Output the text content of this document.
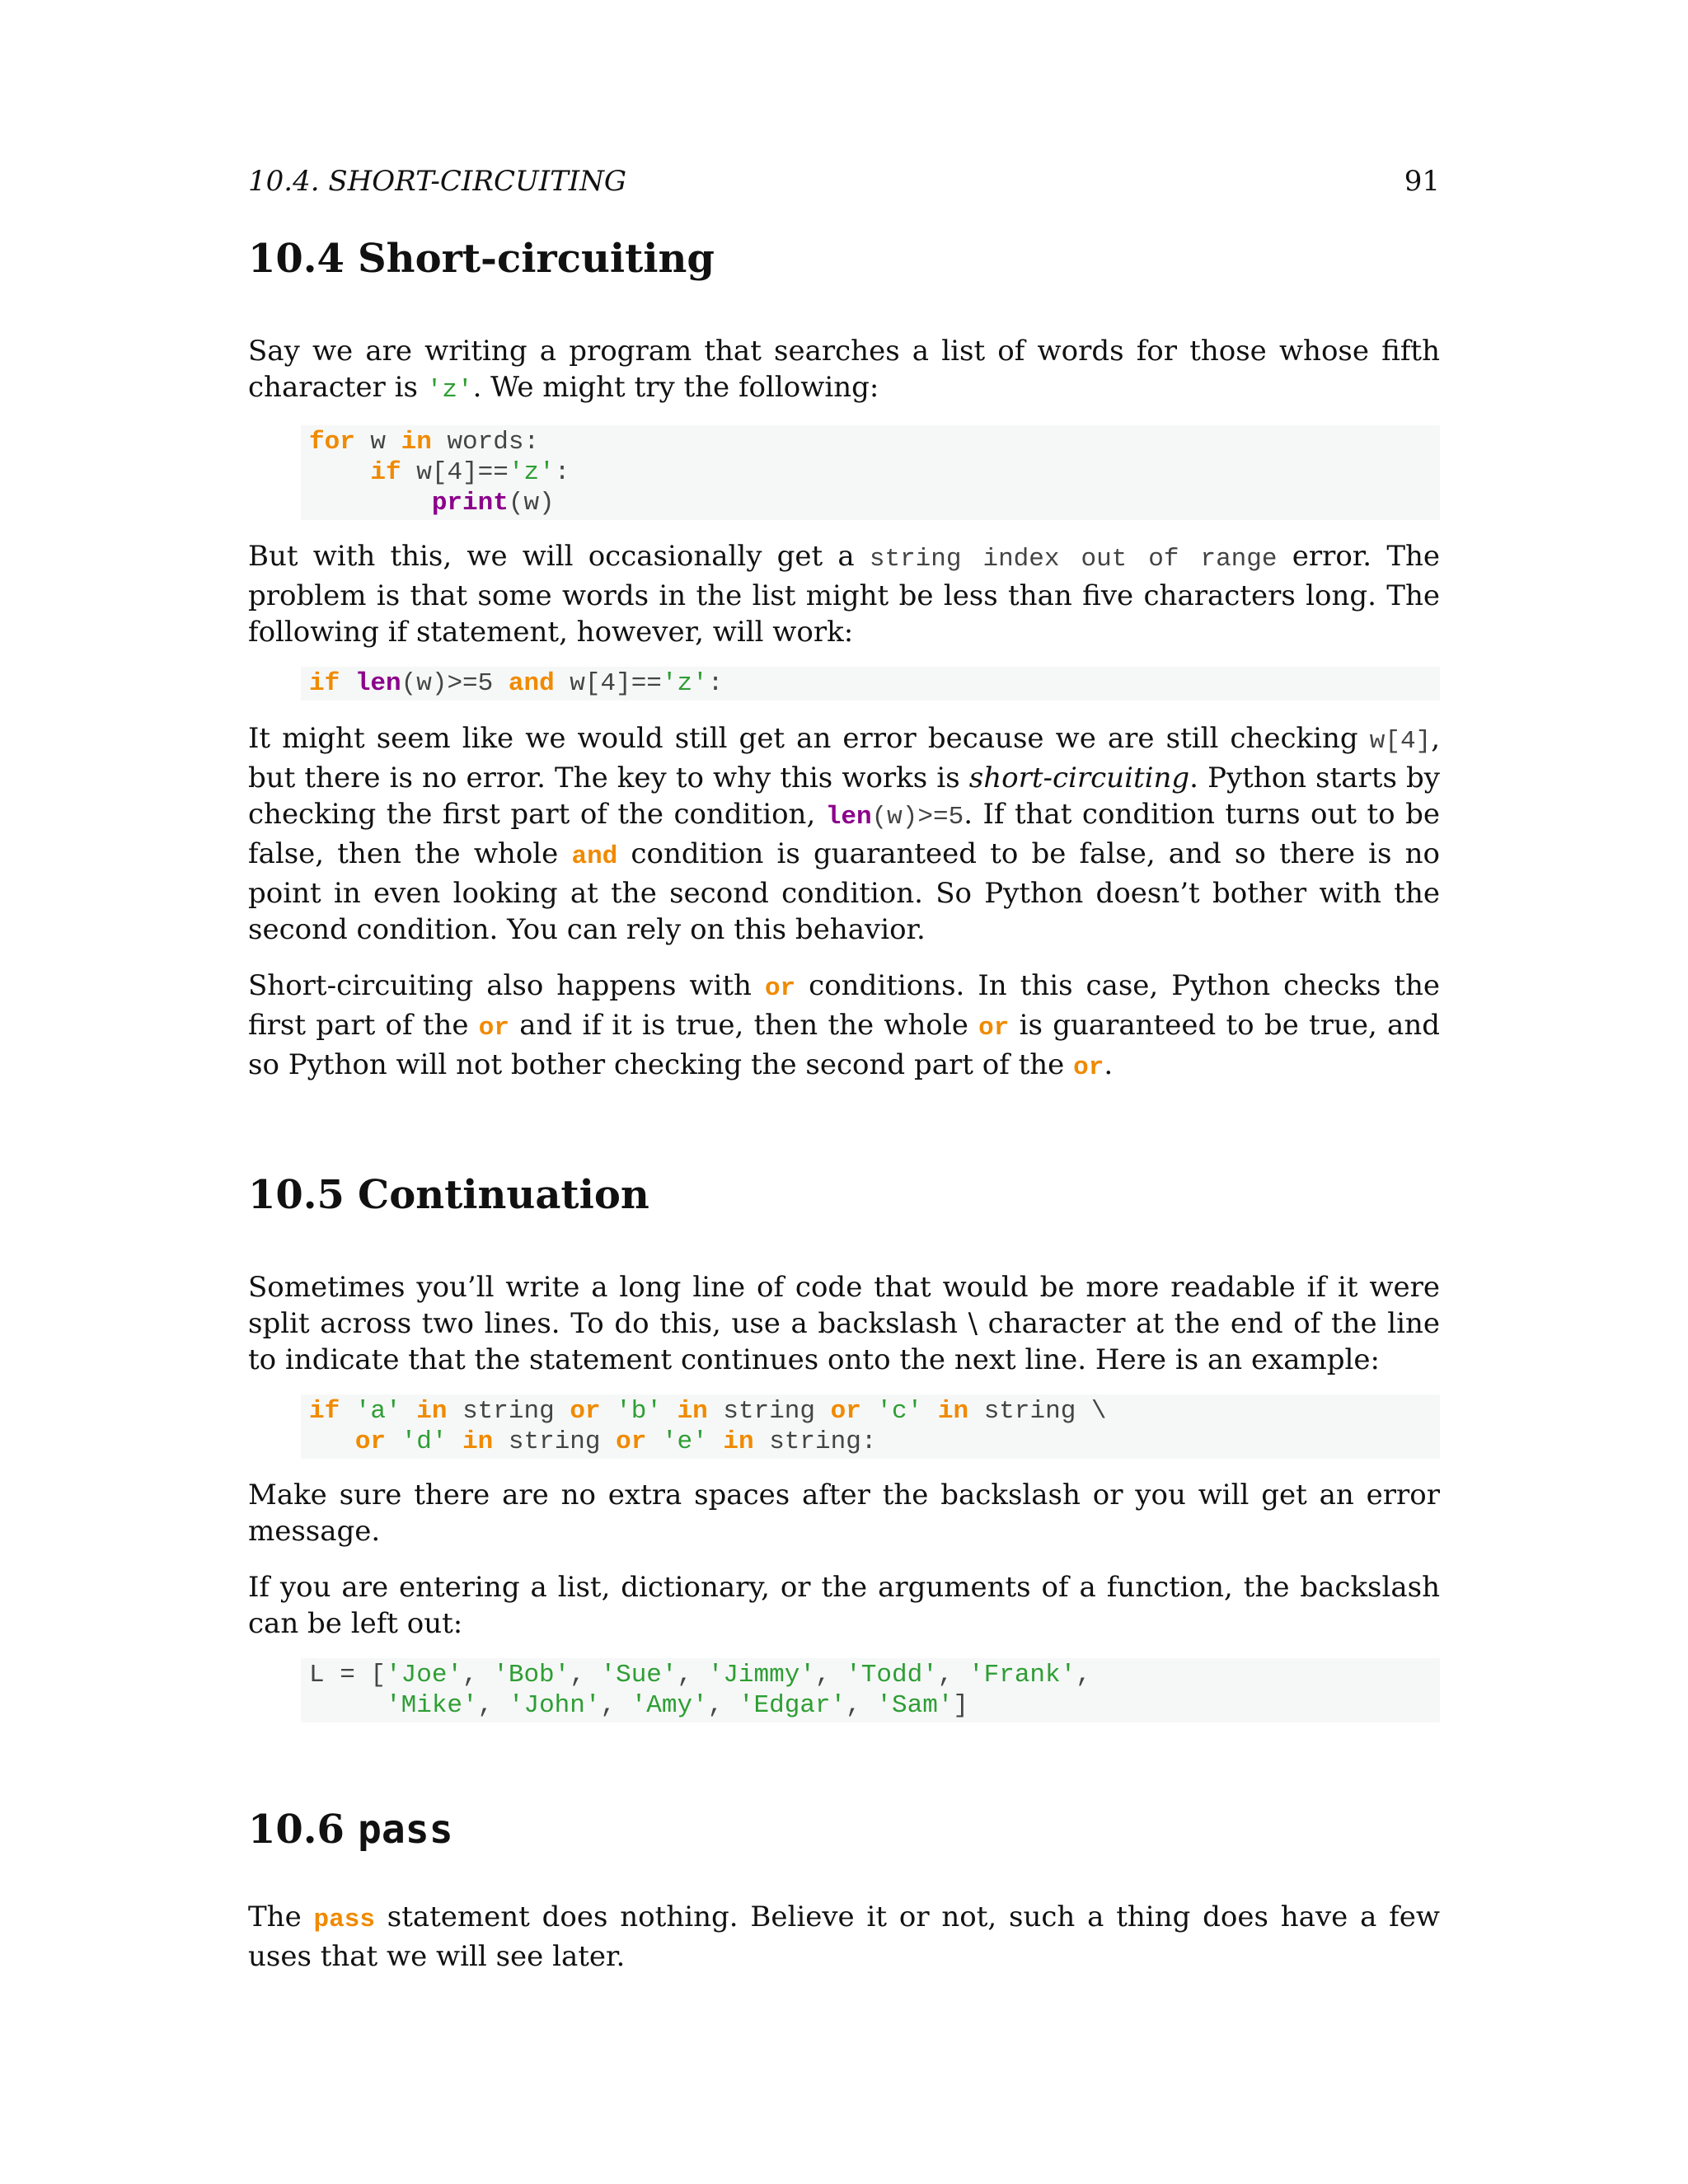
10.4. SHORT-CIRCUITING	91
10.4 Short-circuiting

Say we are writing a program that searches a list of words for those whose fifth character is 'z'. We might try the following:

for w in words:
if w[4]=='z':
print(w)

But with this, we will occasionally get a string index out of range error. The problem is that some words in the list might be less than five characters long. The following if statement, however, will work:

if len(w)>=5 and w[4]=='z':

It might seem like we would still get an error because we are still checking w[4], but there is no error. The key to why this works is short-circuiting. Python starts by checking the first part of the condition, len(w)>=5. If that condition turns out to be false, then the whole and condition is guaranteed to be false, and so there is no point in even looking at the second condition. So Python doesn’t bother with the second condition. You can rely on this behavior.

Short-circuiting also happens with or conditions. In this case, Python checks the first part of the or and if it is true, then the whole or is guaranteed to be true, and so Python will not bother checking the second part of the or.

10.5 Continuation

Sometimes you’ll write a long line of code that would be more readable if it were split across two lines. To do this, use a backslash \ character at the end of the line to indicate that the statement continues onto the next line. Here is an example:

if 'a' in string or 'b' in string or 'c' in string \
or 'd' in string or 'e' in string:

Make sure there are no extra spaces after the backslash or you will get an error message.

If you are entering a list, dictionary, or the arguments of a function, the backslash can be left out:

L = ['Joe', 'Bob', 'Sue', 'Jimmy', 'Todd', 'Frank',
'Mike', 'John', 'Amy', 'Edgar', 'Sam']
10.6 pass

The pass statement does nothing. Believe it or not, such a thing does have a few uses that we will see later.
